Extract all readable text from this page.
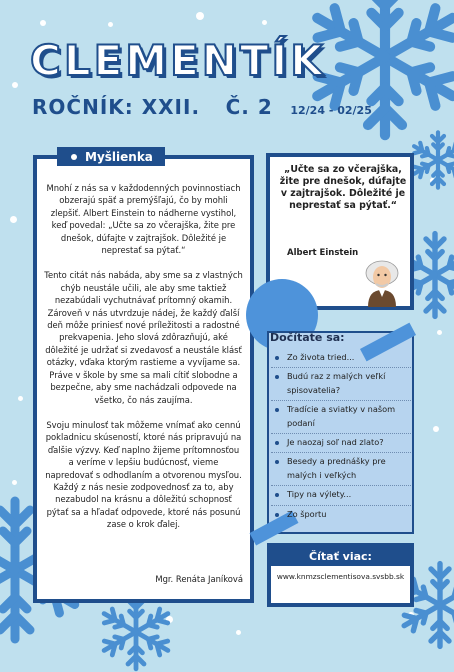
CLEMENTÍK
ROČNÍK: XXII. Č. 2 12/24 - 02/25
Myšlienka

Mnohí z nás sa v každodenných povinnostiach obzerajú späť a premýšľajú, čo by mohli zlepšiť. Albert Einstein to nádherne vystihol, keď povedal: „Učte sa zo včerajška, žite pre dnešok, dúfajte v zajtrajšok. Dôležité je neprestať sa pýtať.“

Tento citát nás nabáda, aby sme sa z vlastných chýb neustále učili, ale aby sme taktiež nezabúdali vychutnávať prítomný okamih. Zároveň v nás utvrdzuje nádej, že každý ďalší deň môže priniesť nové príležitosti a radostné prekvapenia. Jeho slová zdôrazňujú, aké dôležité je udržať si zvedavosť a neustále klásť otázky, vďaka ktorým rastieme a vyvíjame sa. Práve v škole by sme sa mali cítiť slobodne a bezpečne, aby sme nachádzali odpovede na všetko, čo nás zaujíma.

Svoju minulosť tak môžeme vnímať ako cennú pokladnicu skúseností, ktoré nás pripravujú na ďalšie výzvy. Keď naplno žijeme prítomnosťou a veríme v lepšiu budúcnosť, vieme napredovať s odhodlaním a otvorenou mysľou. Každý z nás nesie zodpovednosť za to, aby nezabudol na krásnu a dôležitú schopnosť pýtať sa a hľadať odpovede, ktoré nás posunú zase o krok ďalej.

Mgr. Renáta Janíková
„Učte sa zo včerajška, žite pre dnešok, dúfajte v zajtrajšok. Dôležité je neprestať sa pýtať.“
Albert Einstein
Dočítate sa:
Zo života tried...
Budú raz z malých veľkí spisovatelia?
Tradície a sviatky v našom podaní
Je naozaj soľ nad zlato?
Besedy a prednášky pre malých i veľkých
Tipy na výlety...
Zo športu
Čítať viac:
www.knmzsclementisova.svsbb.sk
